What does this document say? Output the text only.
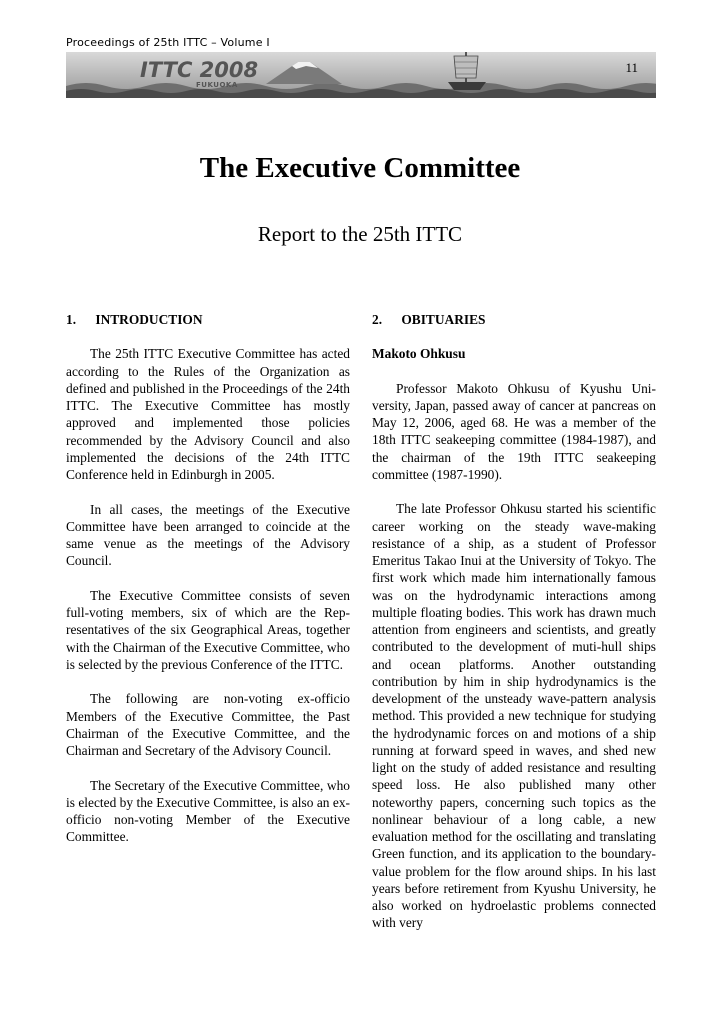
Proceedings of 25th ITTC – Volume I
ITTC 2008
FUKUOKA
11
The Executive Committee
Report to the 25th ITTC
1. INTRODUCTION

The 25th ITTC Executive Committee has acted according to the Rules of the Organization as defined and published in the Proceedings of the 24th ITTC. The Executive Committee has mostly approved and implemented those policies recommended by the Advisory Council and also implemented the decisions of the 24th ITTC Conference held in Edinburgh in 2005.

In all cases, the meetings of the Executive Committee have been arranged to coincide at the same venue as the meetings of the Advisory Council.

The Executive Committee consists of seven full-voting members, six of which are the Representatives of the six Geographical Areas, together with the Chairman of the Executive Committee, who is selected by the previous Conference of the ITTC.

The following are non-voting ex-officio Members of the Executive Committee, the Past Chairman of the Executive Committee, and the Chairman and Secretary of the Advisory Council.

The Secretary of the Executive Committee, who is elected by the Executive Committee, is also an ex-officio non-voting Member of the Executive Committee.

2. OBITUARIES
Makoto Ohkusu

Professor Makoto Ohkusu of Kyushu University, Japan, passed away of cancer at pancreas on May 12, 2006, aged 68. He was a member of the 18th ITTC seakeeping committee (1984-1987), and the chairman of the 19th ITTC seakeeping committee (1987-1990).

The late Professor Ohkusu started his scientific career working on the steady wave-making resistance of a ship, as a student of Professor Emeritus Takao Inui at the University of Tokyo. The first work which made him internationally famous was on the hydrodynamic interactions among multiple floating bodies. This work has drawn much attention from engineers and scientists, and greatly contributed to the development of muti-hull ships and ocean platforms. Another outstanding contribution by him in ship hydrodynamics is the development of the unsteady wave-pattern analysis method. This provided a new technique for studying the hydrodynamic forces on and motions of a ship running at forward speed in waves, and shed new light on the study of added resistance and resulting speed loss. He also published many other noteworthy papers, concerning such topics as the nonlinear behaviour of a long cable, a new evaluation method for the oscillating and translating Green function, and its application to the boundary-value problem for the flow around ships. In his last years before retirement from Kyushu University, he also worked on hydroelastic problems connected with very
